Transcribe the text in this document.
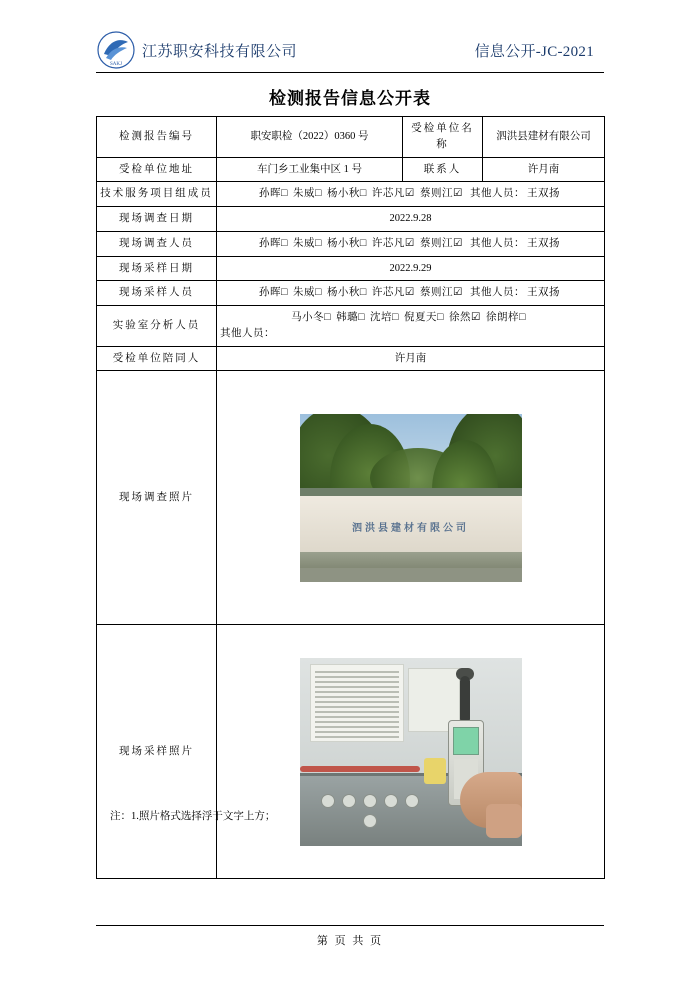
SAKJ
江苏职安科技有限公司	信息公开-JC-2021
检测报告信息公开表
检测报告编号	职安职检（2022）0360 号	受检单位名称	泗洪县建材有限公司
受检单位地址	车门乡工业集中区 1 号	联系人	许月南
技术服务项目组成员	孙晖□ 朱威□ 杨小秋□ 许芯凡☑ 蔡则江☑ 其他人员： 王双扬		
现场调查日期	2022.9.28		
现场调查人员	孙晖□ 朱威□ 杨小秋□ 许芯凡☑ 蔡则江☑ 其他人员： 王双扬		
现场采样日期	2022.9.29		
现场采样人员	孙晖□ 朱威□ 杨小秋□ 许芯凡☑ 蔡则江☑ 其他人员： 王双扬		
实验室分析人员	马小冬□ 韩璐□ 沈培□ 倪夏天□ 徐然☑ 徐朗梓□
其他人员：		

受检单位陪同人	许月南		
现场调查照片	泗洪县建材有限公司		

现场采样照片			
注：1.照片格式选择浮于文字上方；
第 页 共 页
